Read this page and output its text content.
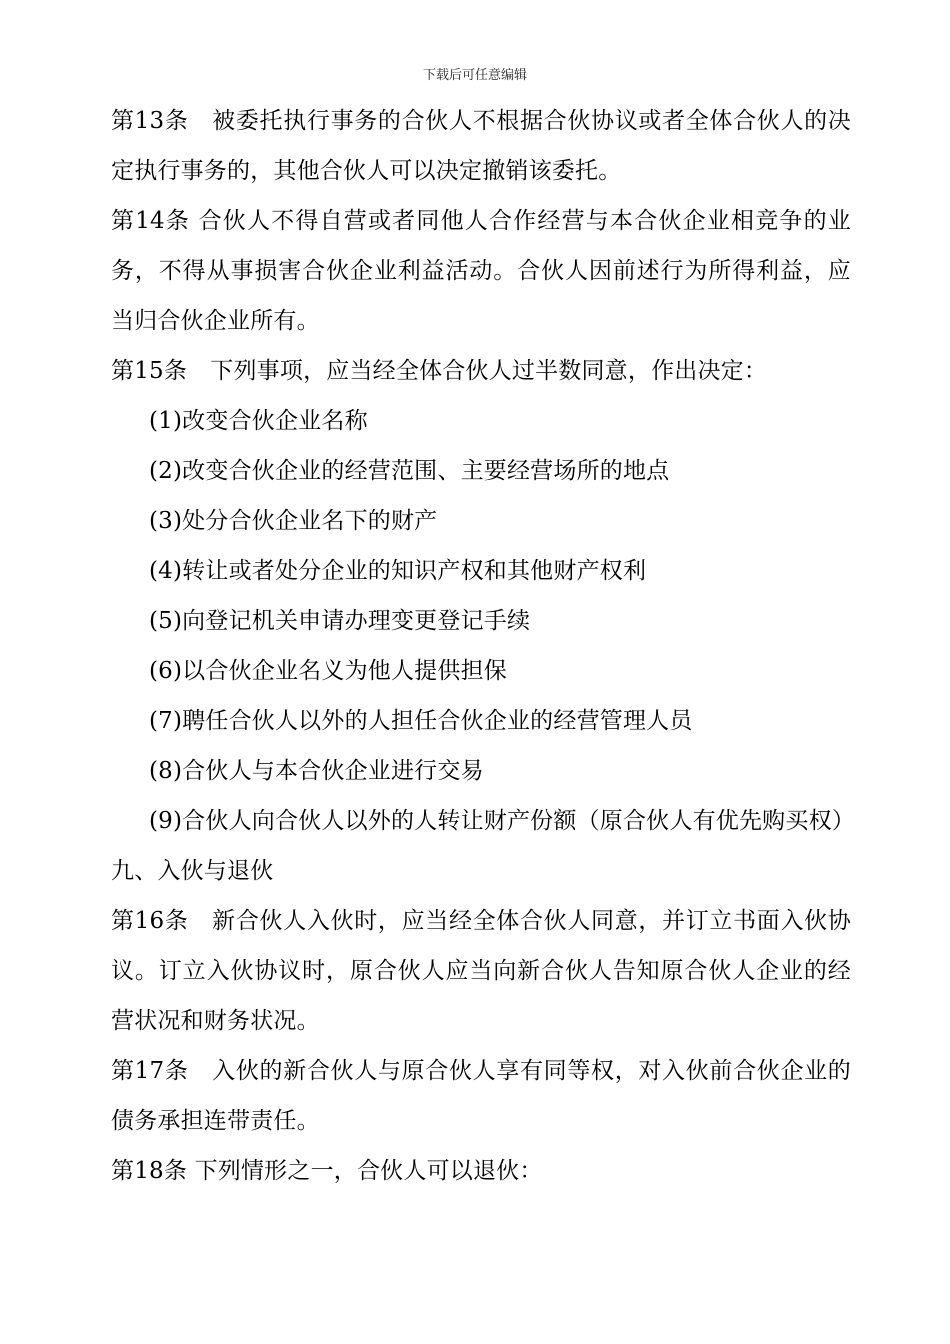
下载后可任意编辑

第13条　被委托执行事务的合伙人不根据合伙协议或者全体合伙人的决定执行事务的，其他合伙人可以决定撤销该委托。

第14条 合伙人不得自营或者同他人合作经营与本合伙企业相竞争的业务，不得从事损害合伙企业利益活动。合伙人因前述行为所得利益，应当归合伙企业所有。

第15条　下列事项，应当经全体合伙人过半数同意，作出决定：

(1)改变合伙企业名称

(2)改变合伙企业的经营范围、主要经营场所的地点

(3)处分合伙企业名下的财产

(4)转让或者处分企业的知识产权和其他财产权利

(5)向登记机关申请办理变更登记手续

(6)以合伙企业名义为他人提供担保

(7)聘任合伙人以外的人担任合伙企业的经营管理人员

(8)合伙人与本合伙企业进行交易

(9)合伙人向合伙人以外的人转让财产份额（原合伙人有优先购买权）

九、入伙与退伙

第16条　新合伙人入伙时，应当经全体合伙人同意，并订立书面入伙协议。订立入伙协议时，原合伙人应当向新合伙人告知原合伙人企业的经营状况和财务状况。

第17条　入伙的新合伙人与原合伙人享有同等权，对入伙前合伙企业的债务承担连带责任。

第18条 下列情形之一，合伙人可以退伙：
